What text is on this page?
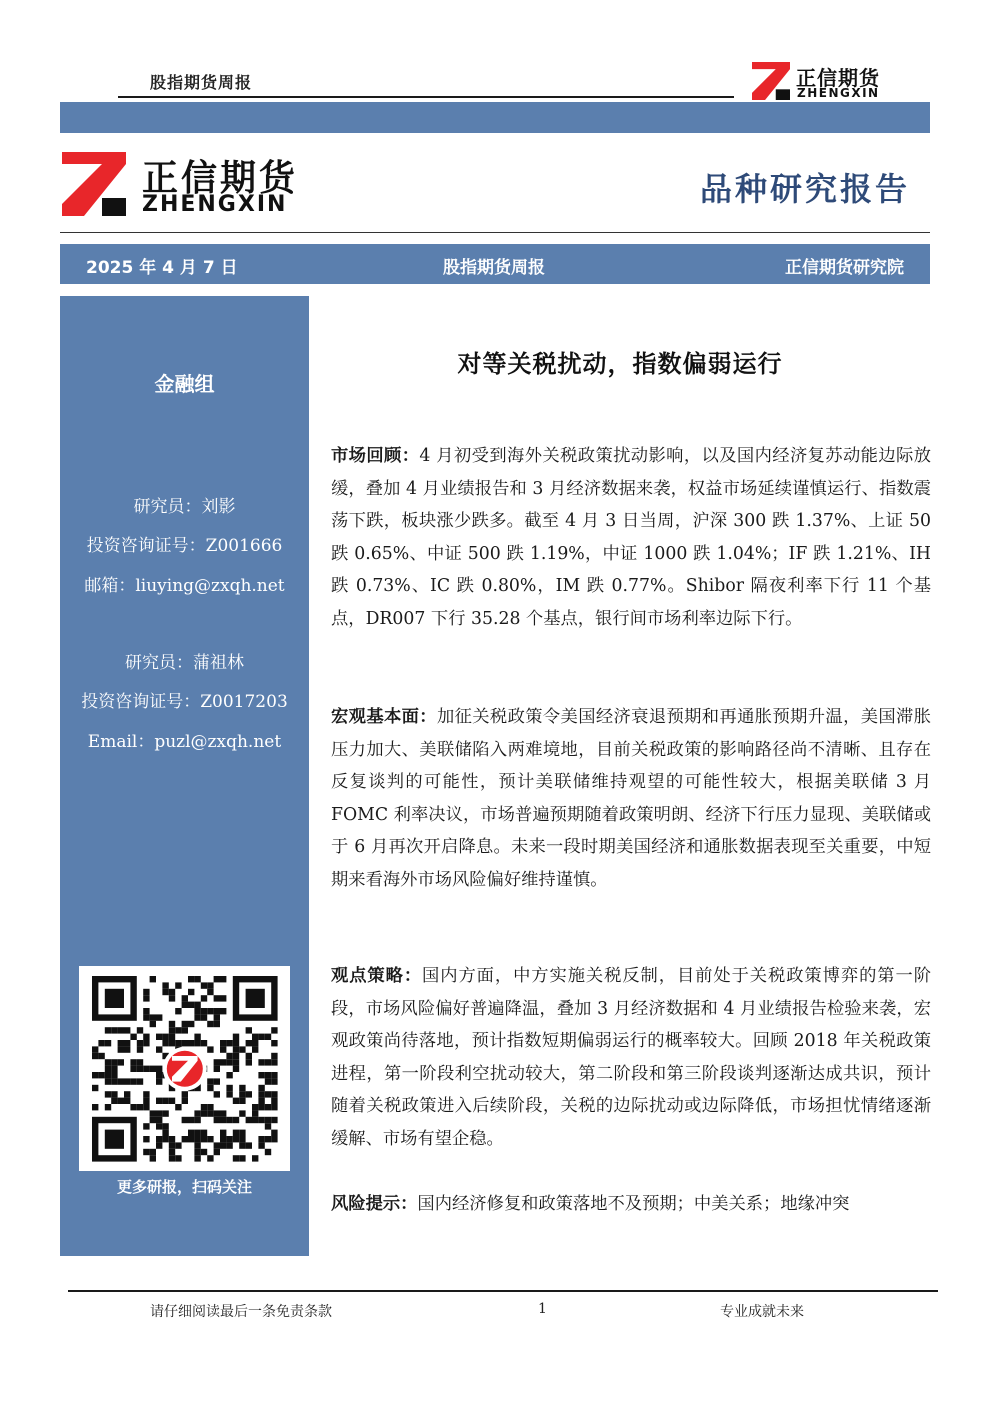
股指期货周报	正信期货
ZHENGXIN
正信期货
ZHENGXIN	品种研究报告
2025 年 4 月 7 日	股指期货周报	正信期货研究院
金融组
研究员：刘影
投资咨询证号：Z001666
邮箱：liuying@zxqh.net
研究员：蒲祖林
投资咨询证号：Z0017203
Email：puzl@zxqh.net
更多研报，扫码关注
对等关税扰动，指数偏弱运行
市场回顾：4 月初受到海外关税政策扰动影响，以及国内经济复苏动能边际放缓，叠加 4 月业绩报告和 3 月经济数据来袭，权益市场延续谨慎运行、指数震荡下跌，板块涨少跌多。截至 4 月 3 日当周，沪深 300 跌 1.37%、上证 50 跌 0.65%、中证 500 跌 1.19%，中证 1000 跌 1.04%；IF 跌 1.21%、IH 跌 0.73%、IC 跌 0.80%，IM 跌 0.77%。Shibor 隔夜利率下行 11 个基点，DR007 下行 35.28 个基点，银行间市场利率边际下行。
宏观基本面：加征关税政策令美国经济衰退预期和再通胀预期升温，美国滞胀压力加大、美联储陷入两难境地，目前关税政策的影响路径尚不清晰、且存在反复谈判的可能性，预计美联储维持观望的可能性较大，根据美联储 3 月 FOMC 利率决议，市场普遍预期随着政策明朗、经济下行压力显现、美联储或于 6 月再次开启降息。未来一段时期美国经济和通胀数据表现至关重要，中短期来看海外市场风险偏好维持谨慎。
观点策略：国内方面，中方实施关税反制，目前处于关税政策博弈的第一阶段，市场风险偏好普遍降温，叠加 3 月经济数据和 4 月业绩报告检验来袭，宏观政策尚待落地，预计指数短期偏弱运行的概率较大。回顾 2018 年关税政策进程，第一阶段利空扰动较大，第二阶段和第三阶段谈判逐渐达成共识，预计随着关税政策进入后续阶段，关税的边际扰动或边际降低，市场担忧情绪逐渐缓解、市场有望企稳。
风险提示：国内经济修复和政策落地不及预期；中美关系；地缘冲突
请仔细阅读最后一条免责条款	1	专业成就未来
